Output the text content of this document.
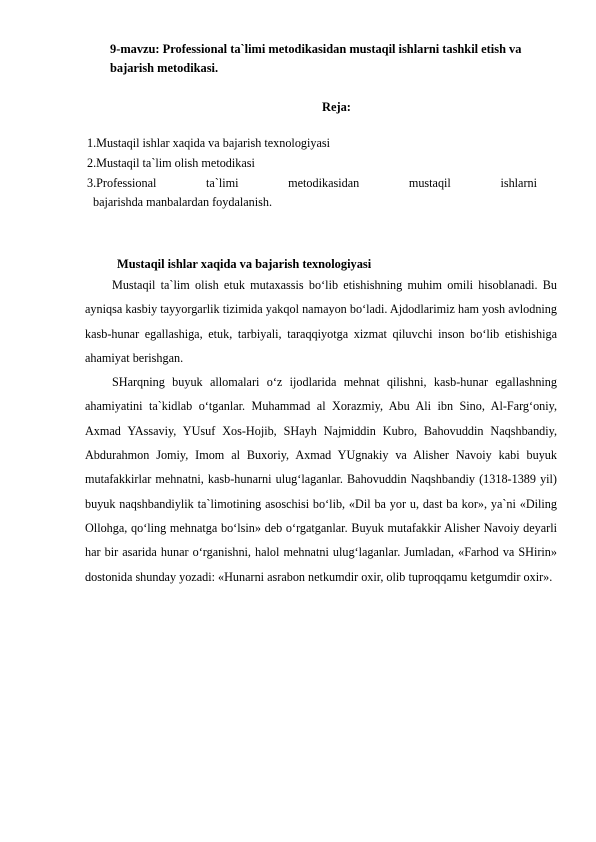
9-mavzu: Professional ta`limi metodikasidan mustaqil ishlarni tashkil etish va bajarish metodikasi.

Reja:

1.Mustaqil ishlar xaqida va bajarish texnologiyasi
2.Mustaqil ta`lim olish metodikasi
3.Professional ta`limi metodikasidan mustaqil ishlarni
bajarishda manbalardan foydalanish.

Mustaqil ishlar xaqida va bajarish texnologiyasi

Mustaqil ta`lim olish etuk mutaxassis bo‘lib etishishning muhim omili hisoblanadi. Bu ayniqsa kasbiy tayyorgarlik tizimida yakqol namayon bo‘ladi. Ajdodlarimiz ham yosh avlodning kasb-hunar egallashiga, etuk, tarbiyali, taraqqiyotga xizmat qiluvchi inson bo‘lib etishishiga ahamiyat berishgan.

SHarqning buyuk allomalari o‘z ijodlarida mehnat qilishni, kasb-hunar egallashning ahamiyatini ta`kidlab o‘tganlar. Muhammad al Xorazmiy, Abu Ali ibn Sino, Al-Farg‘oniy, Axmad YAssaviy, YUsuf Xos-Hojib, SHayh Najmiddin Kubro, Bahovuddin Naqshbandiy, Abdurahmon Jomiy, Imom al Buxoriy, Axmad YUgnakiy va Alisher Navoiy kabi buyuk mutafakkirlar mehnatni, kasb-hunarni ulug‘laganlar. Bahovuddin Naqshbandiy (1318-1389 yil) buyuk naqshbandiylik ta`limotining asoschisi bo‘lib, «Dil ba yor u, dast ba kor», ya`ni «Diling Ollohga, qo‘ling mehnatga bo‘lsin» deb o‘rgatganlar. Buyuk mutafakkir Alisher Navoiy deyarli har bir asarida hunar o‘rganishni, halol mehnatni ulug‘laganlar. Jumladan, «Farhod va SHirin» dostonida shunday yozadi: «Hunarni asrabon netkumdir oxir, olib tuproqqamu ketgumdir oxir».
